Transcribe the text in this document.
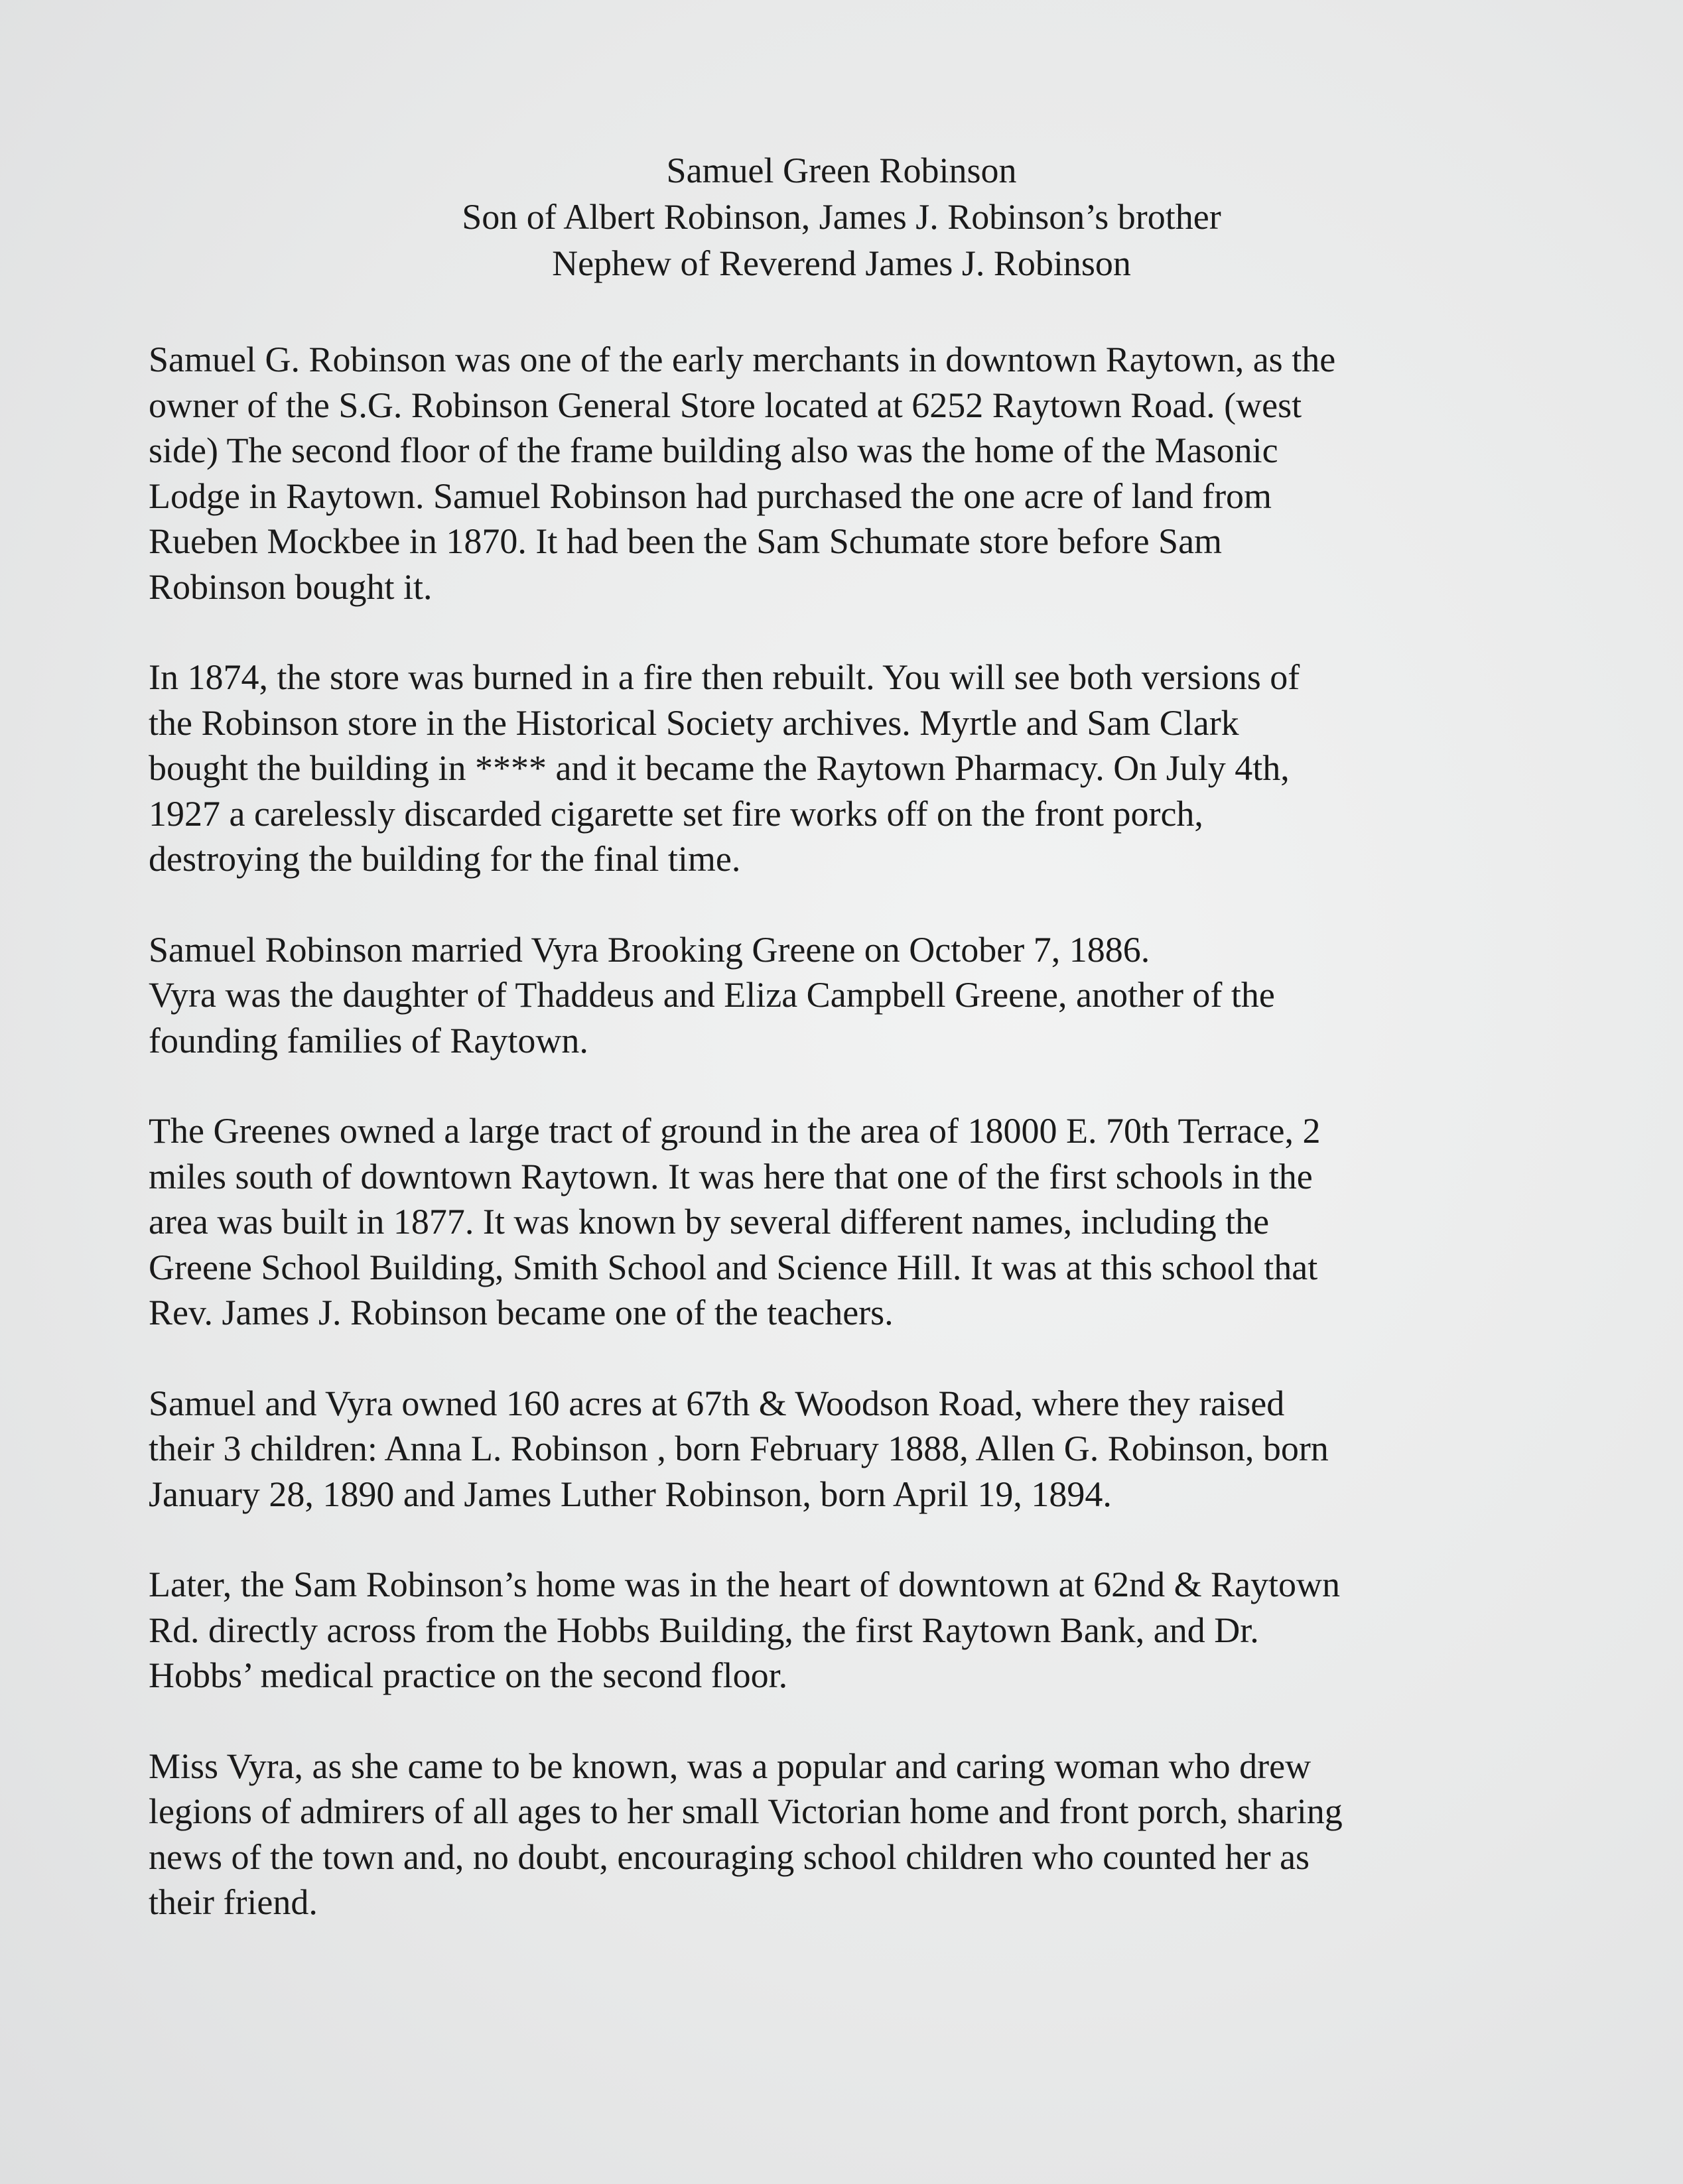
Samuel Green Robinson
Son of Albert Robinson, James J. Robinson’s brother
Nephew of Reverend James J. Robinson

Samuel G. Robinson was one of the early merchants in downtown Raytown, as the
owner of the S.G. Robinson General Store located at 6252 Raytown Road. (west
side) The second floor of the frame building also was the home of the Masonic
Lodge in Raytown. Samuel Robinson had purchased the one acre of land from
Rueben Mockbee in 1870. It had been the Sam Schumate store before Sam
Robinson bought it.

In 1874, the store was burned in a fire then rebuilt. You will see both versions of
the Robinson store in the Historical Society archives. Myrtle and Sam Clark
bought the building in **** and it became the Raytown Pharmacy. On July 4th,
1927 a carelessly discarded cigarette set fire works off on the front porch,
destroying the building for the final time.

Samuel Robinson married Vyra Brooking Greene on October 7, 1886.
Vyra was the daughter of Thaddeus and Eliza Campbell Greene, another of the
founding families of Raytown.

The Greenes owned a large tract of ground in the area of 18000 E. 70th Terrace, 2
miles south of downtown Raytown. It was here that one of the first schools in the
area was built in 1877. It was known by several different names, including the
Greene School Building, Smith School and Science Hill. It was at this school that
Rev. James J. Robinson became one of the teachers.

Samuel and Vyra owned 160 acres at 67th & Woodson Road, where they raised
their 3 children: Anna L. Robinson , born February 1888, Allen G. Robinson, born
January 28, 1890 and James Luther Robinson, born April 19, 1894.

Later, the Sam Robinson’s home was in the heart of downtown at 62nd & Raytown
Rd. directly across from the Hobbs Building, the first Raytown Bank, and Dr.
Hobbs’ medical practice on the second floor.

Miss Vyra, as she came to be known, was a popular and caring woman who drew
legions of admirers of all ages to her small Victorian home and front porch, sharing
news of the town and, no doubt, encouraging school children who counted her as
their friend.
